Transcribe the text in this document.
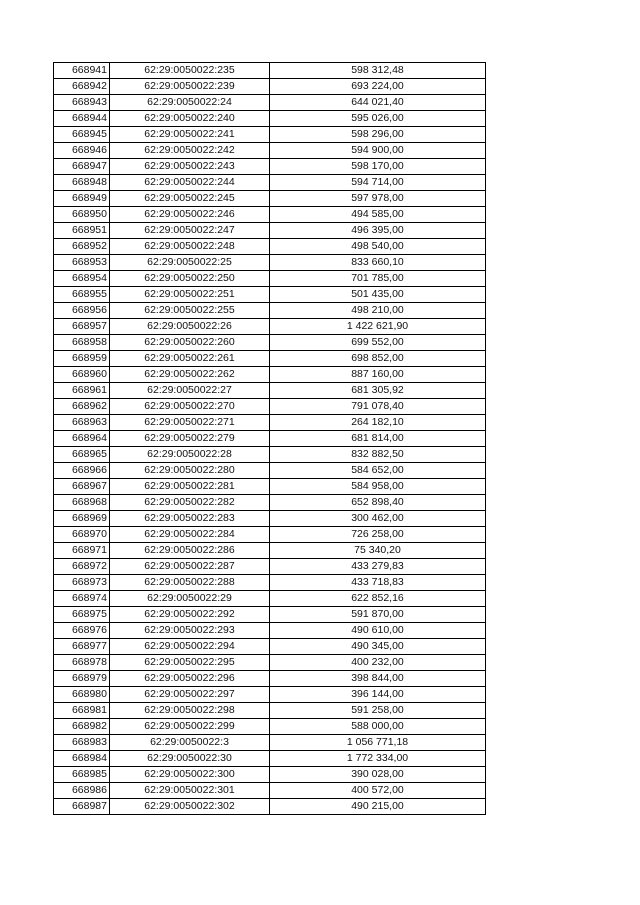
668941	62:29:0050022:235	598 312,48
668942	62:29:0050022:239	693 224,00
668943	62:29:0050022:24	644 021,40
668944	62:29:0050022:240	595 026,00
668945	62:29:0050022:241	598 296,00
668946	62:29:0050022:242	594 900,00
668947	62:29:0050022:243	598 170,00
668948	62:29:0050022:244	594 714,00
668949	62:29:0050022:245	597 978,00
668950	62:29:0050022:246	494 585,00
668951	62:29:0050022:247	496 395,00
668952	62:29:0050022:248	498 540,00
668953	62:29:0050022:25	833 660,10
668954	62:29:0050022:250	701 785,00
668955	62:29:0050022:251	501 435,00
668956	62:29:0050022:255	498 210,00
668957	62:29:0050022:26	1 422 621,90
668958	62:29:0050022:260	699 552,00
668959	62:29:0050022:261	698 852,00
668960	62:29:0050022:262	887 160,00
668961	62:29:0050022:27	681 305,92
668962	62:29:0050022:270	791 078,40
668963	62:29:0050022:271	264 182,10
668964	62:29:0050022:279	681 814,00
668965	62:29:0050022:28	832 882,50
668966	62:29:0050022:280	584 652,00
668967	62:29:0050022:281	584 958,00
668968	62:29:0050022:282	652 898,40
668969	62:29:0050022:283	300 462,00
668970	62:29:0050022:284	726 258,00
668971	62:29:0050022:286	75 340,20
668972	62:29:0050022:287	433 279,83
668973	62:29:0050022:288	433 718,83
668974	62:29:0050022:29	622 852,16
668975	62:29:0050022:292	591 870,00
668976	62:29:0050022:293	490 610,00
668977	62:29:0050022:294	490 345,00
668978	62:29:0050022:295	400 232,00
668979	62:29:0050022:296	398 844,00
668980	62:29:0050022:297	396 144,00
668981	62:29:0050022:298	591 258,00
668982	62:29:0050022:299	588 000,00
668983	62:29:0050022:3	1 056 771,18
668984	62:29:0050022:30	1 772 334,00
668985	62:29:0050022:300	390 028,00
668986	62:29:0050022:301	400 572,00
668987	62:29:0050022:302	490 215,00
